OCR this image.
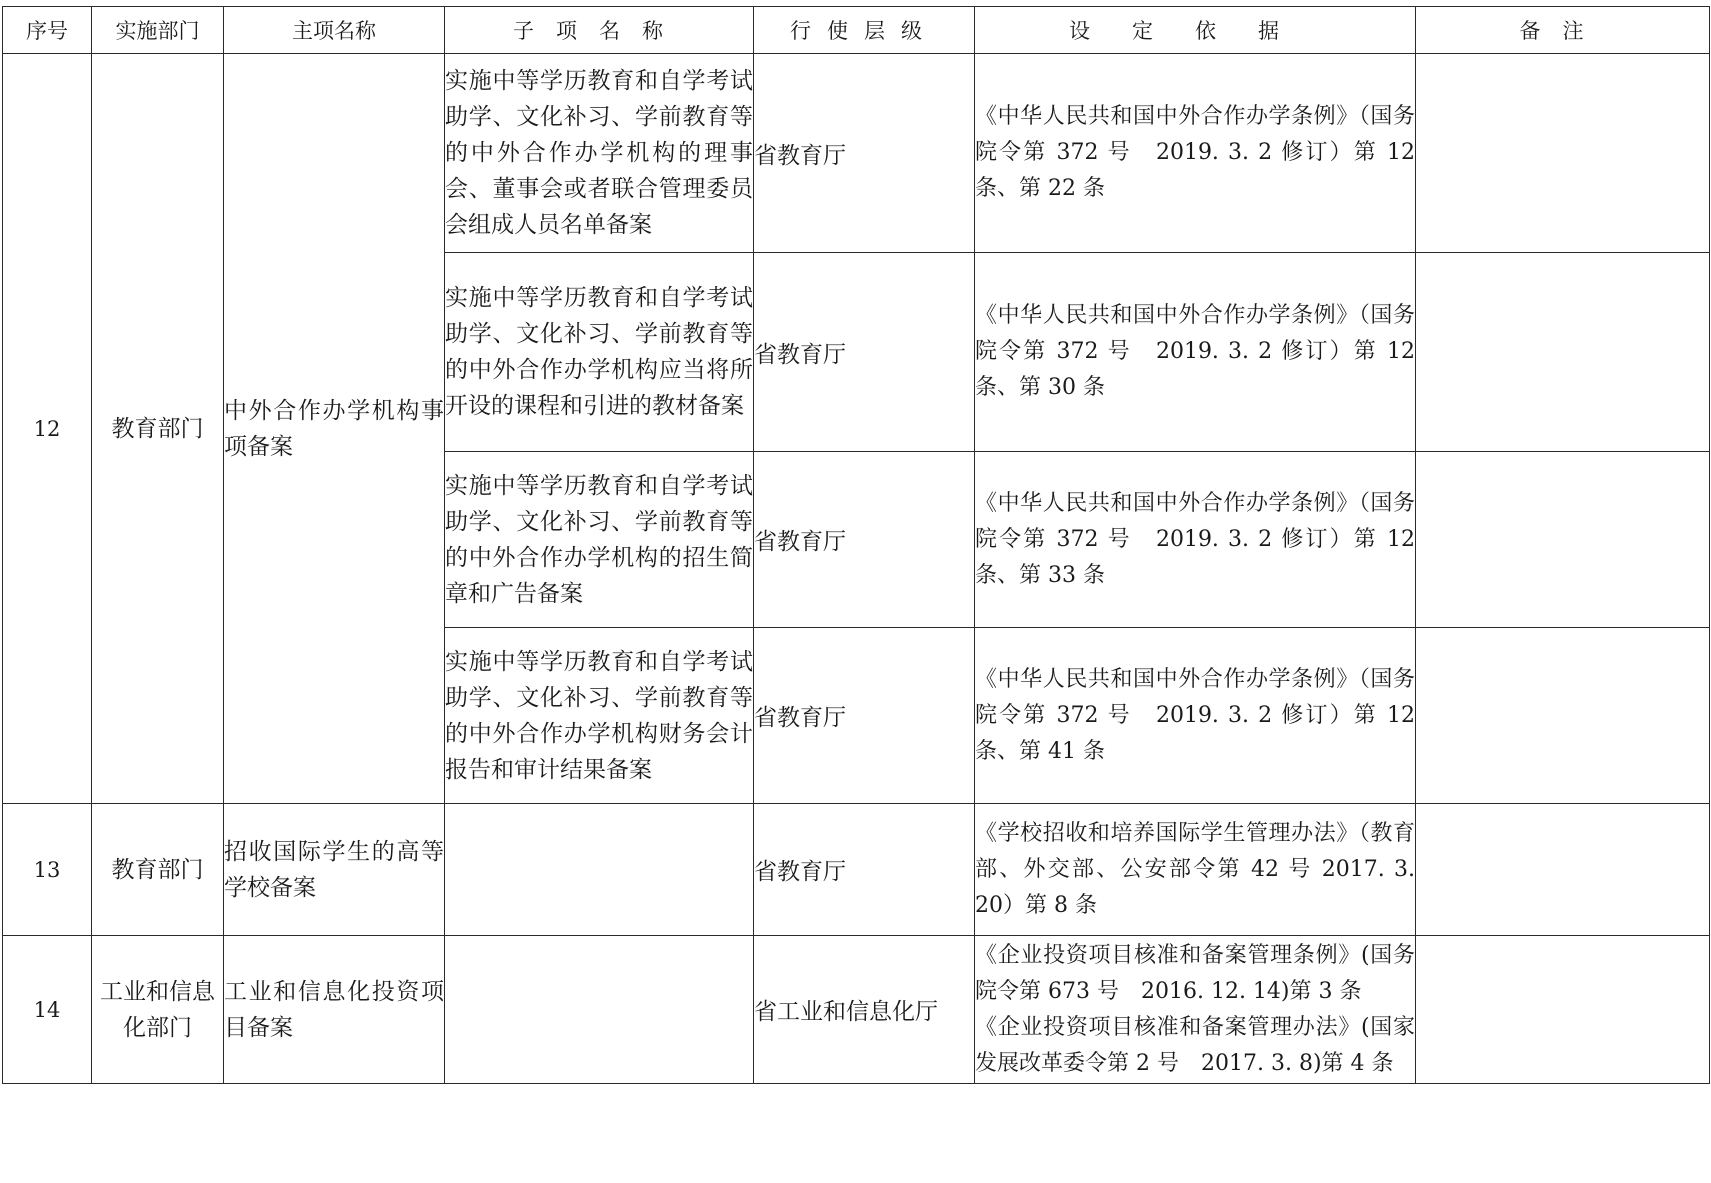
序号	实施部门	主项名称	子项名称	行使层级	设定依据	备注
12	教育部门	中外合作办学机构事项备案	实施中等学历教育和自学考试助学、文化补习、学前教育等的中外合作办学机构的理事会、董事会或者联合管理委员会组成人员名单备案	省教育厅	《中华人民共和国中外合作办学条例》（国务院令第 372 号　2019. 3. 2 修订）第 12 条、第 22 条	
			实施中等学历教育和自学考试助学、文化补习、学前教育等的中外合作办学机构应当将所开设的课程和引进的教材备案	省教育厅	《中华人民共和国中外合作办学条例》（国务院令第 372 号　2019. 3. 2 修订）第 12 条、第 30 条	
			实施中等学历教育和自学考试助学、文化补习、学前教育等的中外合作办学机构的招生简章和广告备案	省教育厅	《中华人民共和国中外合作办学条例》（国务院令第 372 号　2019. 3. 2 修订）第 12 条、第 33 条	
			实施中等学历教育和自学考试助学、文化补习、学前教育等的中外合作办学机构财务会计报告和审计结果备案	省教育厅	《中华人民共和国中外合作办学条例》（国务院令第 372 号　2019. 3. 2 修订）第 12 条、第 41 条	
13	教育部门	招收国际学生的高等学校备案		省教育厅	《学校招收和培养国际学生管理办法》（教育部、外交部、公安部令第 42 号 2017. 3. 20）第 8 条	
14	工业和信息化部门	工业和信息化投资项目备案		省工业和信息化厅	《企业投资项目核准和备案管理条例》(国务院令第 673 号　2016. 12. 14)第 3 条
《企业投资项目核准和备案管理办法》(国家发展改革委令第 2 号　2017. 3. 8)第 4 条	
